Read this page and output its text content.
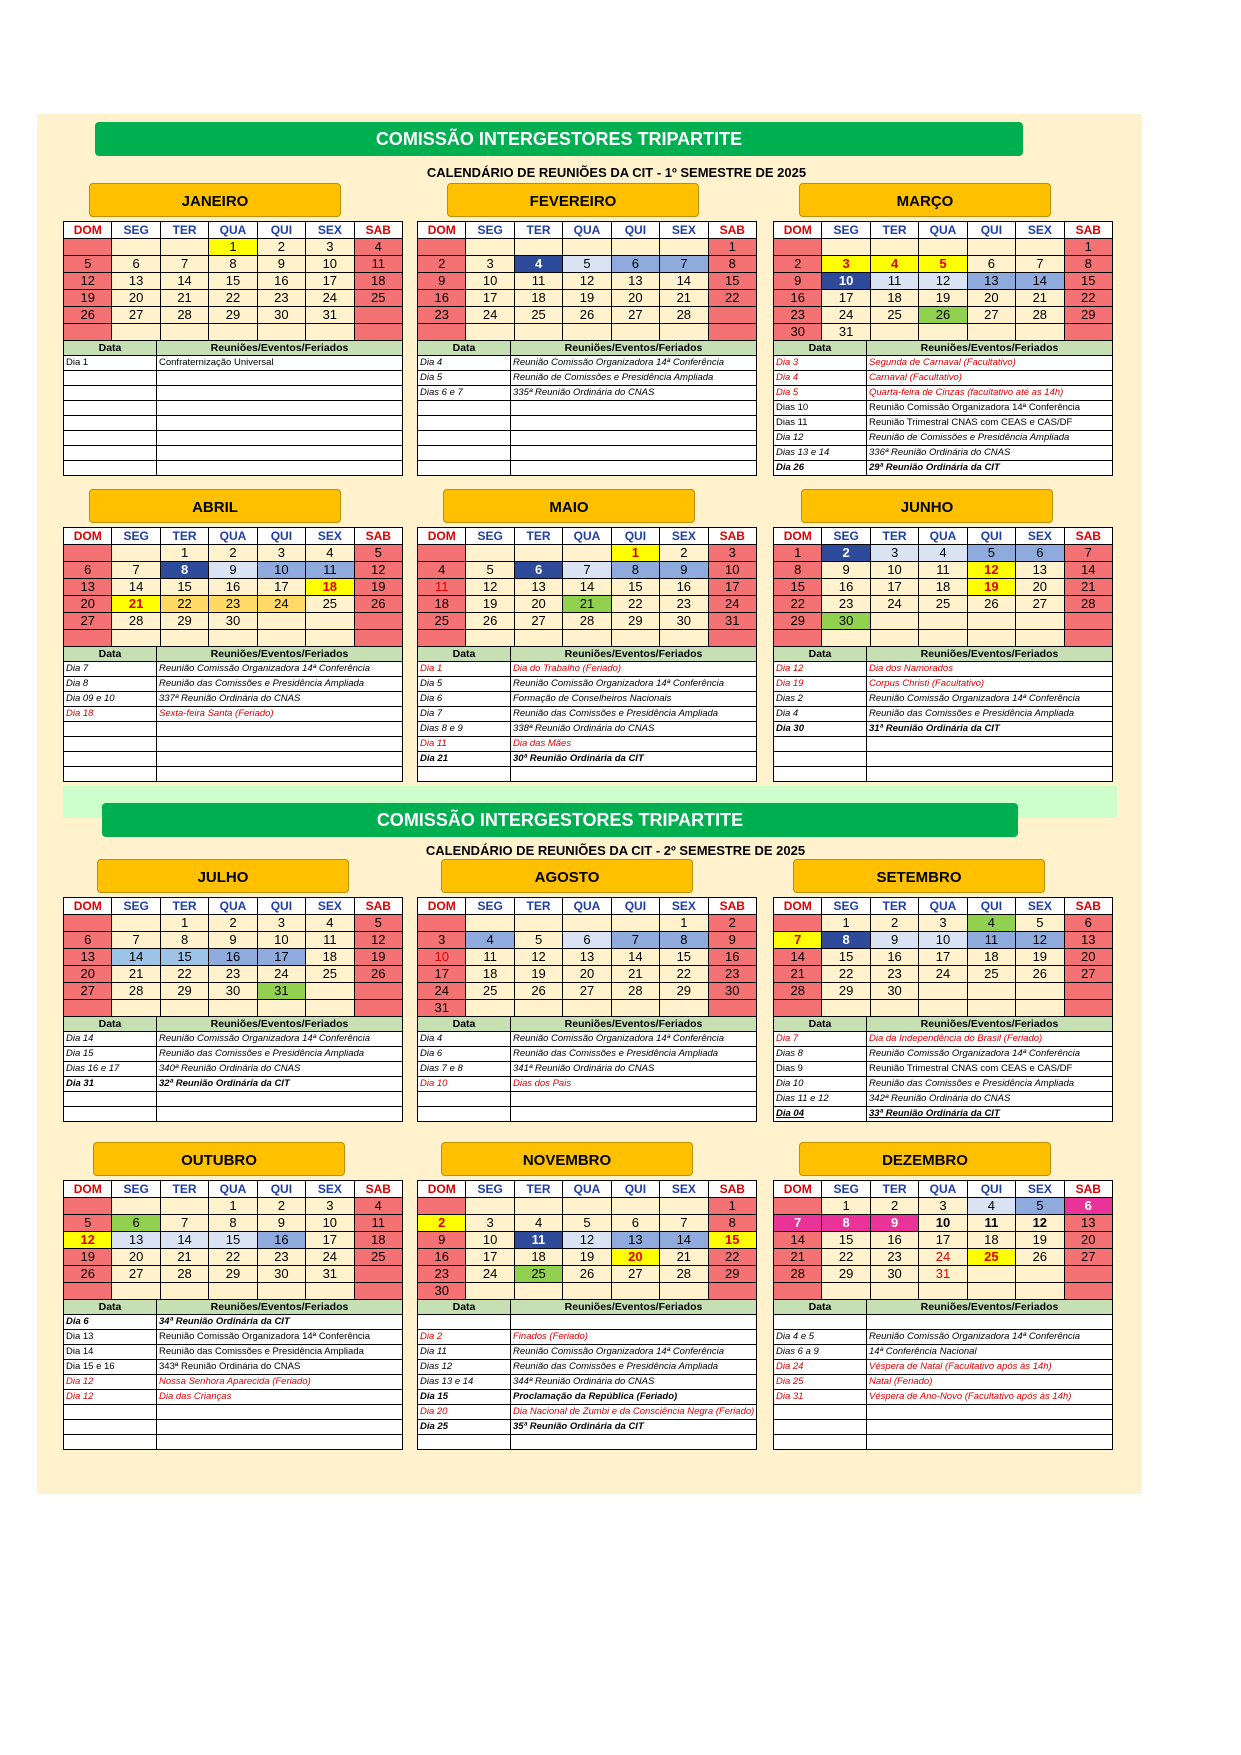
COMISSÃO INTERGESTORES TRIPARTITE
CALENDÁRIO DE REUNIÕES DA CIT - 1º SEMESTRE DE 2025
COMISSÃO INTERGESTORES TRIPARTITE
CALENDÁRIO DE REUNIÕES DA CIT - 2º SEMESTRE DE 2025
JANEIRO
DOM	SEG	TER	QUA	QUI	SEX	SAB
			1	2	3	4
5	6	7	8	9	10	11
12	13	14	15	16	17	18
19	20	21	22	23	24	25
26	27	28	29	30	31	

Data	Reuniões/Eventos/Feriados
Dia 1	Confraternização Universal

FEVEREIRO
DOM	SEG	TER	QUA	QUI	SEX	SAB
						1
2	3	4	5	6	7	8
9	10	11	12	13	14	15
16	17	18	19	20	21	22
23	24	25	26	27	28	

Data	Reuniões/Eventos/Feriados
Dia 4	Reunião Comissão Organizadora 14ª Conferência
Dia 5	Reunião de Comissões e Presidência Ampliada
Dias 6 e 7	335ª Reunião Ordinária do CNAS

MARÇO
DOM	SEG	TER	QUA	QUI	SEX	SAB
						1
2	3	4	5	6	7	8
9	10	11	12	13	14	15
16	17	18	19	20	21	22
23	24	25	26	27	28	29
30	31					
Data	Reuniões/Eventos/Feriados
Dia 3	Segunda de Carnaval (Facultativo)
Dia 4	Carnaval (Facultativo)
Dia 5	Quarta-feira de Cinzas (facultativo até as 14h)
Dias 10	Reunião Comissão Organizadora 14ª Conferência
Dias 11	Reunião Trimestral CNAS com CEAS e CAS/DF
Dia 12	Reunião de Comissões e Presidência Ampliada
Dias 13 e 14	336ª Reunião Ordinária do CNAS
Dia 26	29ª Reunião Ordinária da CIT
ABRIL
DOM	SEG	TER	QUA	QUI	SEX	SAB
		1	2	3	4	5
6	7	8	9	10	11	12
13	14	15	16	17	18	19
20	21	22	23	24	25	26
27	28	29	30			

Data	Reuniões/Eventos/Feriados
Dia 7	Reunião Comissão Organizadora 14ª Conferência
Dia 8	Reunião das Comissões e Presidência Ampliada
Dia 09 e 10	337ª Reunião Ordinária do CNAS
Dia 18	Sexta-feira Santa (Feriado)

MAIO
DOM	SEG	TER	QUA	QUI	SEX	SAB
				1	2	3
4	5	6	7	8	9	10
11	12	13	14	15	16	17
18	19	20	21	22	23	24
25	26	27	28	29	30	31

Data	Reuniões/Eventos/Feriados
Dia 1	Dia do Trabalho (Feriado)
Dia 5	Reunião Comissão Organizadora 14ª Conferência
Dia 6	Formação de Conselheiros Nacionais
Dia 7	Reunião das Comissões e Presidência Ampliada
Dias 8 e 9	338ª Reunião Ordinária do CNAS
Dia 11	Dia das Mães
Dia 21	30ª Reunião Ordinária da CIT

JUNHO
DOM	SEG	TER	QUA	QUI	SEX	SAB
1	2	3	4	5	6	7
8	9	10	11	12	13	14
15	16	17	18	19	20	21
22	23	24	25	26	27	28
29	30					

Data	Reuniões/Eventos/Feriados
Dia 12	Dia dos Namorados
Dia 19	Corpus Christi (Facultativo)
Dias 2	Reunião Comissão Organizadora 14ª Conferência
Dia 4	Reunião das Comissões e Presidência Ampliada
Dia 30	31ª Reunião Ordinária da CIT

JULHO
DOM	SEG	TER	QUA	QUI	SEX	SAB
		1	2	3	4	5
6	7	8	9	10	11	12
13	14	15	16	17	18	19
20	21	22	23	24	25	26
27	28	29	30	31		

Data	Reuniões/Eventos/Feriados
Dia 14	Reunião Comissão Organizadora 14ª Conferência
Dia 15	Reunião das Comissões e Presidência Ampliada
Dias 16 e 17	340ª Reunião Ordinária do CNAS
Dia 31	32ª Reunião Ordinária da CIT

AGOSTO
DOM	SEG	TER	QUA	QUI	SEX	SAB
					1	2
3	4	5	6	7	8	9
10	11	12	13	14	15	16
17	18	19	20	21	22	23
24	25	26	27	28	29	30
31						
Data	Reuniões/Eventos/Feriados
Dia 4	Reunião Comissão Organizadora 14ª Conferência
Dia 6	Reunião das Comissões e Presidência Ampliada
Dias 7 e 8	341ª Reunião Ordinária do CNAS
Dia 10	Dias dos Pais

SETEMBRO
DOM	SEG	TER	QUA	QUI	SEX	SAB
	1	2	3	4	5	6
7	8	9	10	11	12	13
14	15	16	17	18	19	20
21	22	23	24	25	26	27
28	29	30				

Data	Reuniões/Eventos/Feriados
Dia 7	Dia da Independência do Brasil (Feriado)
Dias 8	Reunião Comissão Organizadora 14ª Conferência
Dias 9	Reunião Trimestral CNAS com CEAS e CAS/DF
Dia 10	Reunião das Comissões e Presidência Ampliada
Dias 11 e 12	342ª Reunião Ordinária do CNAS
Dia 04	33ª Reunião Ordinária da CIT
OUTUBRO
DOM	SEG	TER	QUA	QUI	SEX	SAB
			1	2	3	4
5	6	7	8	9	10	11
12	13	14	15	16	17	18
19	20	21	22	23	24	25
26	27	28	29	30	31	

Data	Reuniões/Eventos/Feriados
Dia 6	34ª Reunião Ordinária da CIT
Dia 13	Reunião Comissão Organizadora 14ª Conferência
Dia 14	Reunião das Comissões e Presidência Ampliada
Dia 15 e 16	343ª Reunião Ordinária do CNAS
Dia 12	Nossa Senhora Aparecida (Feriado)
Dia 12	Dia das Crianças

NOVEMBRO
DOM	SEG	TER	QUA	QUI	SEX	SAB
						1
2	3	4	5	6	7	8
9	10	11	12	13	14	15
16	17	18	19	20	21	22
23	24	25	26	27	28	29
30						
Data	Reuniões/Eventos/Feriados

Dia 2	Finados (Feriado)
Dia 11	Reunião Comissão Organizadora 14ª Conferência
Dias 12	Reunião das Comissões e Presidência Ampliada
Dias 13 e 14	344ª Reunião Ordinária do CNAS
Dia 15	Proclamação da República (Feriado)
Dia 20	Dia Nacional de Zumbi e da Consciência Negra (Feriado)
Dia 25	35ª Reunião Ordinária da CIT

DEZEMBRO
DOM	SEG	TER	QUA	QUI	SEX	SAB
	1	2	3	4	5	6
7	8	9	10	11	12	13
14	15	16	17	18	19	20
21	22	23	24	25	26	27
28	29	30	31			

Data	Reuniões/Eventos/Feriados

Dia 4 e 5	Reunião Comissão Organizadora 14ª Conferência
Dias 6 a 9	14ª Conferência Nacional
Dia 24	Véspera de Natal (Facultativo após às 14h)
Dia 25	Natal (Feriado)
Dia 31	Véspera de Ano-Novo (Facultativo após às 14h)
